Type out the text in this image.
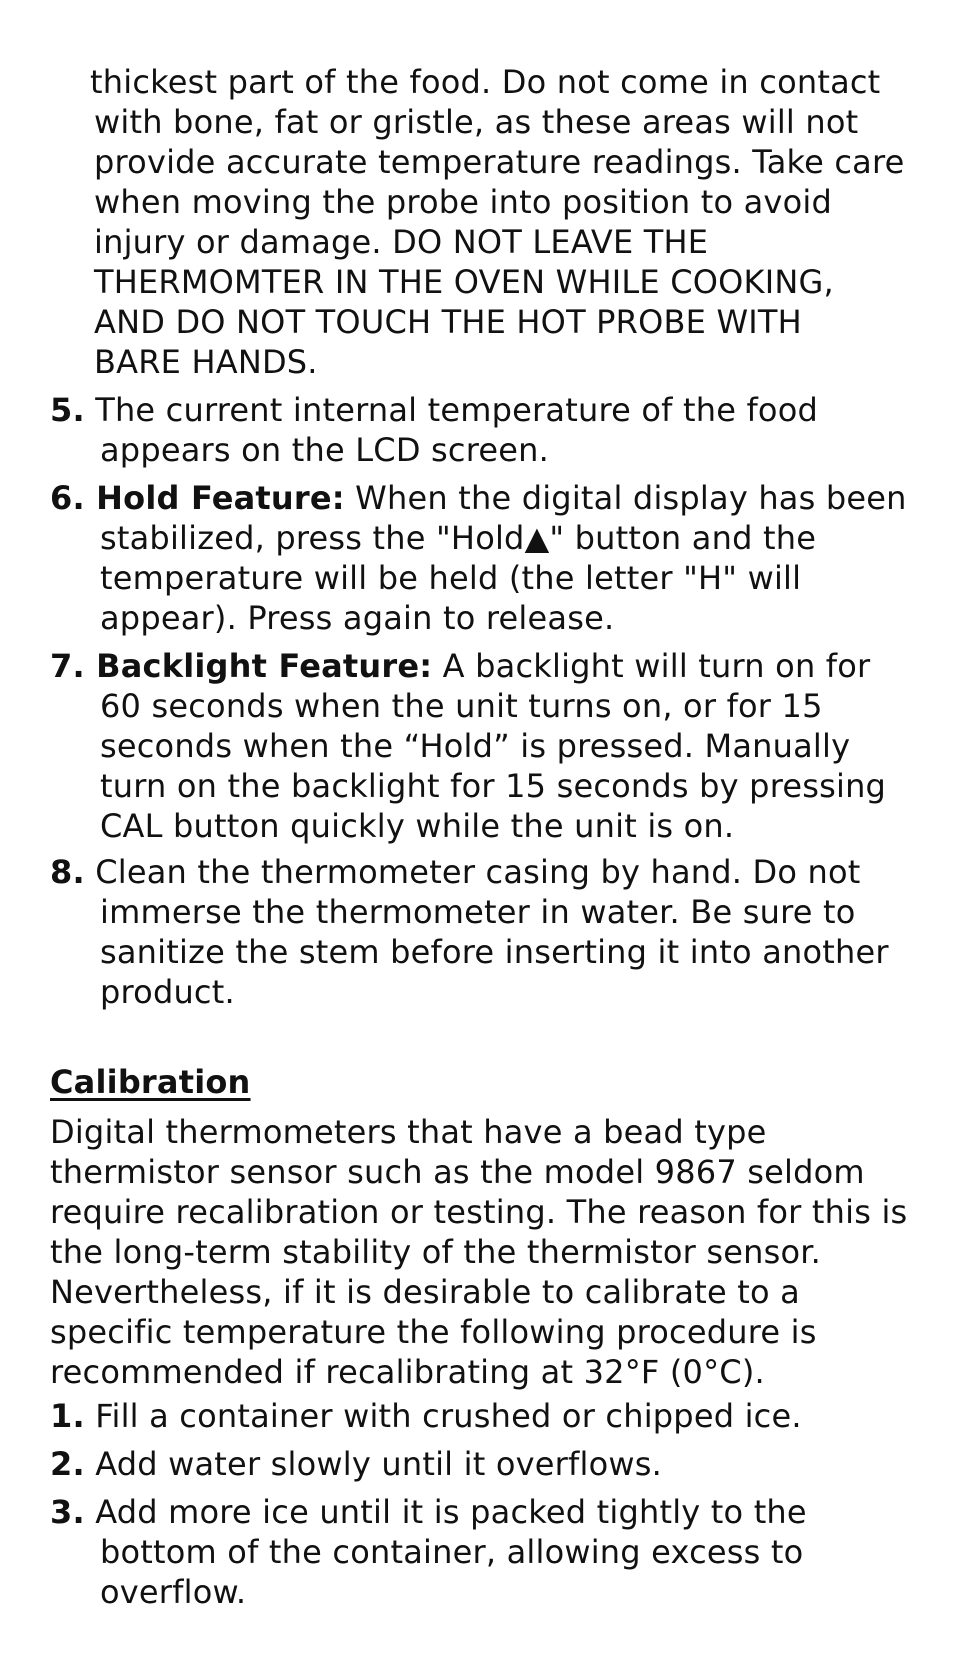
thickest part of the food. Do not come in contact
with bone, fat or gristle, as these areas will not
provide accurate temperature readings. Take care
when moving the probe into position to avoid
injury or damage. DO NOT LEAVE THE
THERMOMTER IN THE OVEN WHILE COOKING,
AND DO NOT TOUCH THE HOT PROBE WITH
BARE HANDS.
5. The current internal temperature of the food
appears on the LCD screen.
6. Hold Feature: When the digital display has been
stabilized, press the "Hold▲" button and the
temperature will be held (the letter "H" will
appear). Press again to release.
7. Backlight Feature: A backlight will turn on for
60 seconds when the unit turns on, or for 15
seconds when the “Hold” is pressed. Manually
turn on the backlight for 15 seconds by pressing
CAL button quickly while the unit is on.
8. Clean the thermometer casing by hand. Do not
immerse the thermometer in water. Be sure to
sanitize the stem before inserting it into another
product.
Calibration
Digital thermometers that have a bead type
thermistor sensor such as the model 9867 seldom
require recalibration or testing. The reason for this is
the long-term stability of the thermistor sensor.
Nevertheless, if it is desirable to calibrate to a
specific temperature the following procedure is
recommended if recalibrating at 32°F (0°C).
1. Fill a container with crushed or chipped ice.
2. Add water slowly until it overflows.
3. Add more ice until it is packed tightly to the
bottom of the container, allowing excess to
overflow.
